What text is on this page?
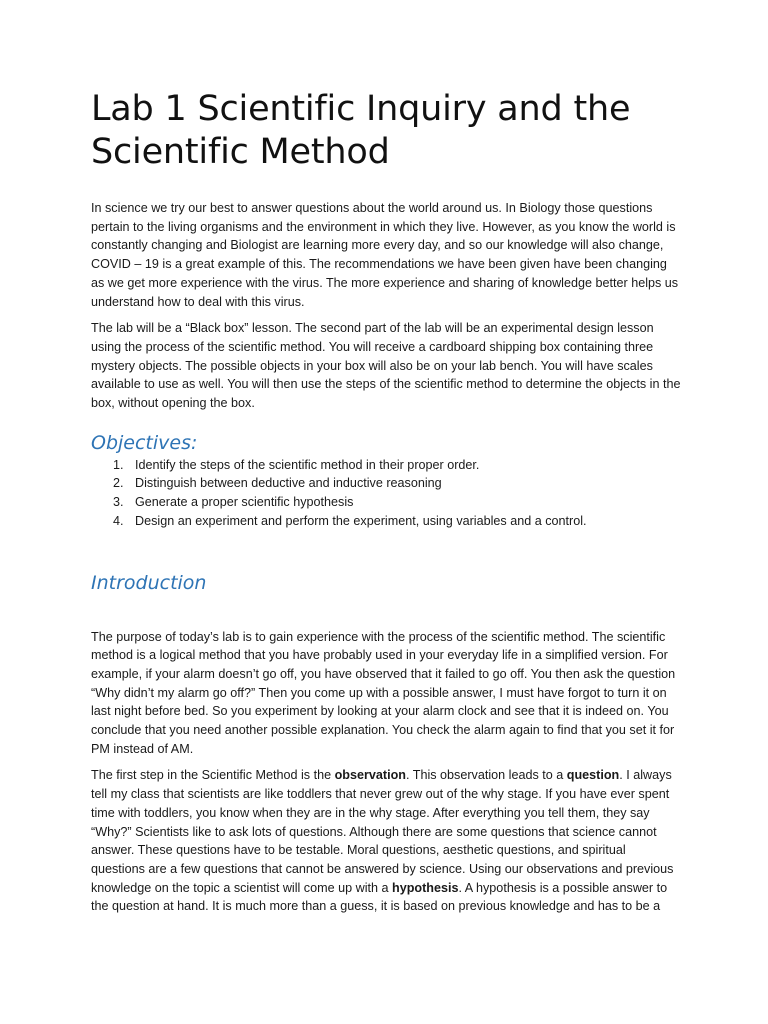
Lab 1 Scientific Inquiry and the Scientific Method

In science we try our best to answer questions about the world around us. In Biology those questions pertain to the living organisms and the environment in which they live. However, as you know the world is constantly changing and Biologist are learning more every day, and so our knowledge will also change, COVID – 19 is a great example of this. The recommendations we have been given have been changing as we get more experience with the virus. The more experience and sharing of knowledge better helps us understand how to deal with this virus.

The lab will be a “Black box” lesson. The second part of the lab will be an experimental design lesson using the process of the scientific method. You will receive a cardboard shipping box containing three mystery objects. The possible objects in your box will also be on your lab bench. You will have scales available to use as well. You will then use the steps of the scientific method to determine the objects in the box, without opening the box.

Objectives:
1. Identify the steps of the scientific method in their proper order.
2. Distinguish between deductive and inductive reasoning
3. Generate a proper scientific hypothesis
4. Design an experiment and perform the experiment, using variables and a control.
Introduction

The purpose of today’s lab is to gain experience with the process of the scientific method. The scientific method is a logical method that you have probably used in your everyday life in a simplified version. For example, if your alarm doesn’t go off, you have observed that it failed to go off. You then ask the question “Why didn’t my alarm go off?” Then you come up with a possible answer, I must have forgot to turn it on last night before bed. So you experiment by looking at your alarm clock and see that it is indeed on. You conclude that you need another possible explanation. You check the alarm again to find that you set it for PM instead of AM.

The first step in the Scientific Method is the observation. This observation leads to a question. I always tell my class that scientists are like toddlers that never grew out of the why stage. If you have ever spent time with toddlers, you know when they are in the why stage. After everything you tell them, they say “Why?” Scientists like to ask lots of questions. Although there are some questions that science cannot answer. These questions have to be testable. Moral questions, aesthetic questions, and spiritual questions are a few questions that cannot be answered by science. Using our observations and previous knowledge on the topic a scientist will come up with a hypothesis. A hypothesis is a possible answer to the question at hand. It is much more than a guess, it is based on previous knowledge and has to be a
